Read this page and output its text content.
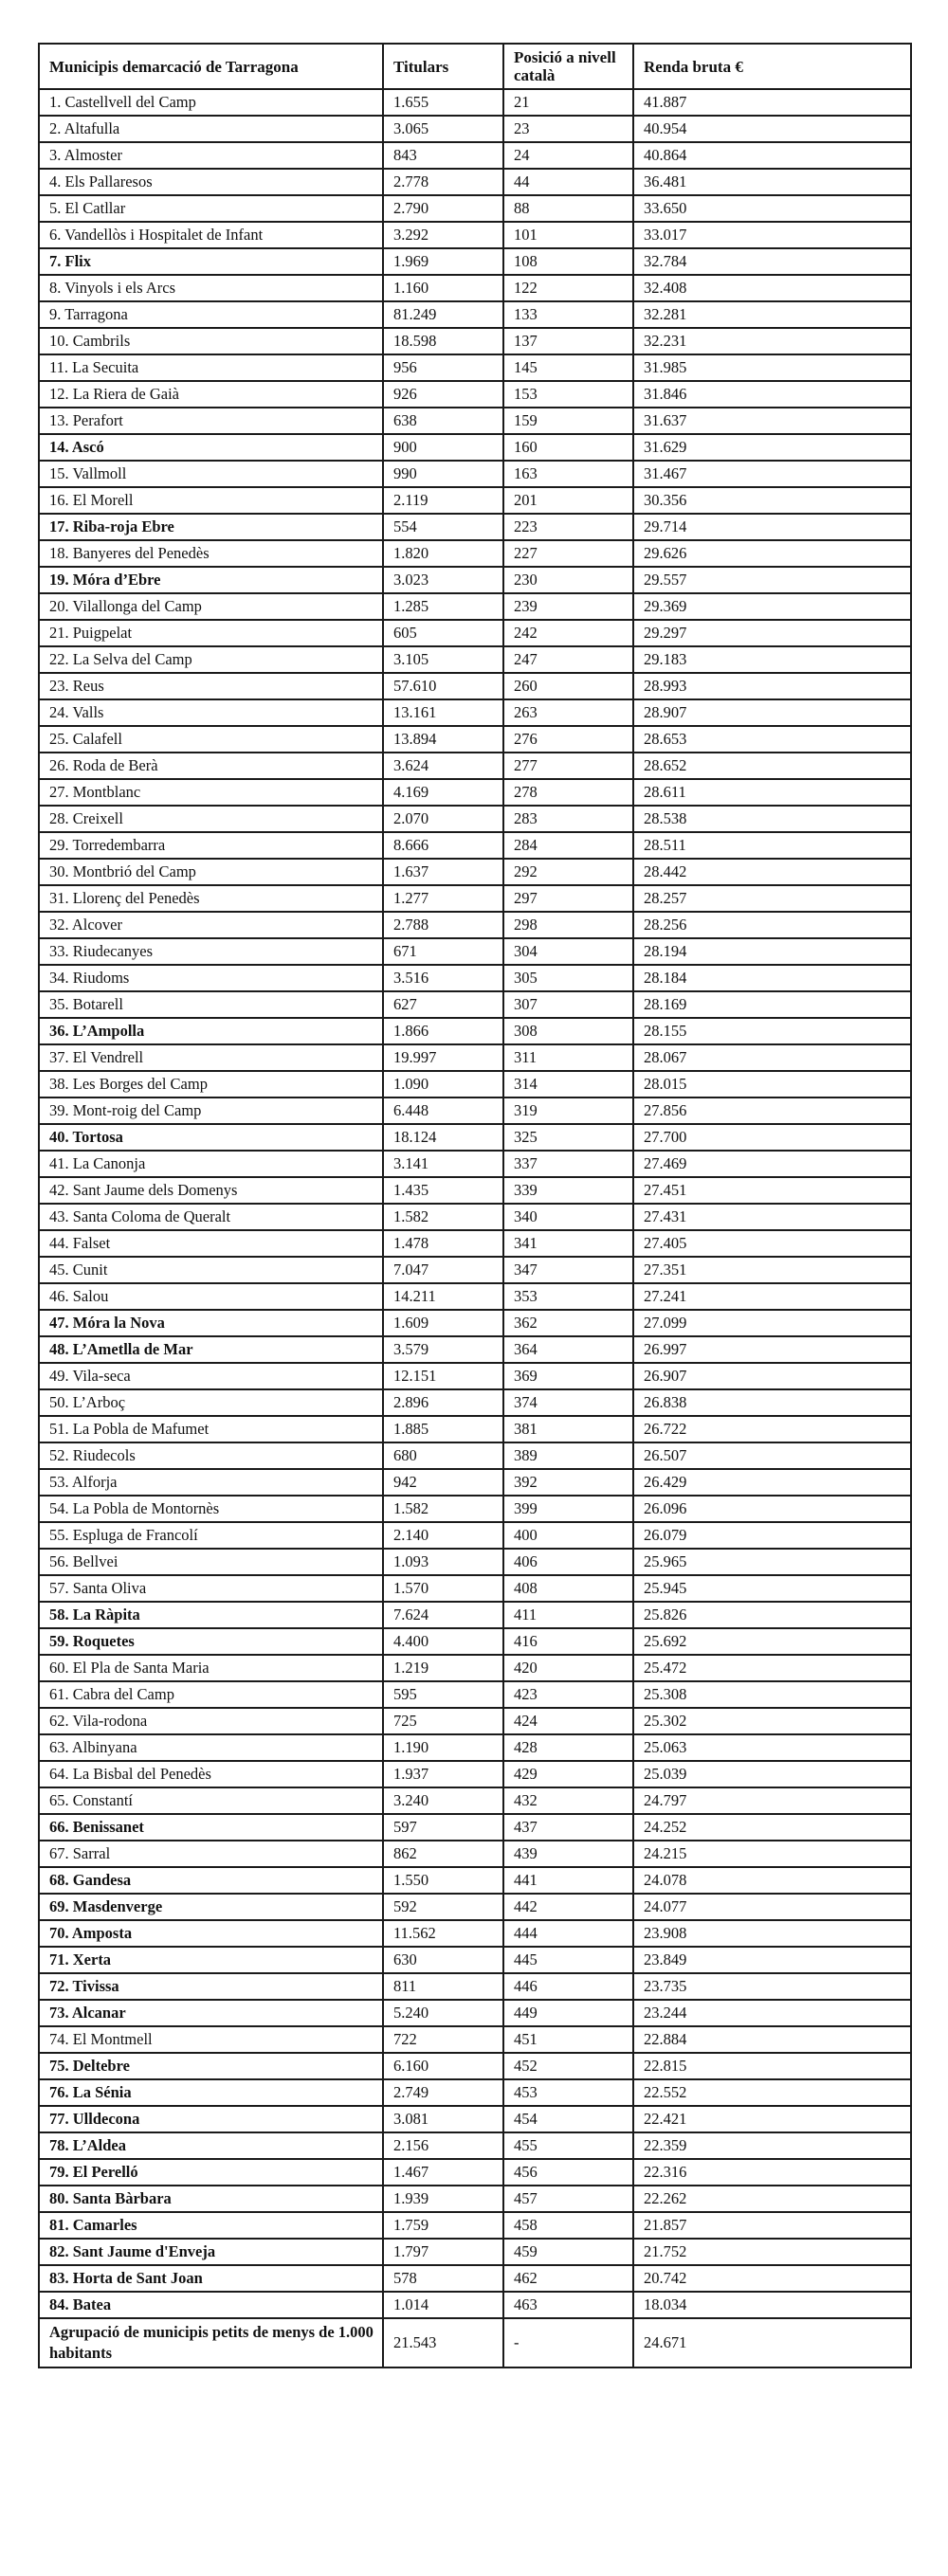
Municipis demarcació de Tarragona	Titulars	Posició a nivell català	Renda bruta €
1. Castellvell del Camp	1.655	21	41.887
2. Altafulla	3.065	23	40.954
3. Almoster	843	24	40.864
4. Els Pallaresos	2.778	44	36.481
5. El Catllar	2.790	88	33.650
6. Vandellòs i Hospitalet de Infant	3.292	101	33.017
7. Flix	1.969	108	32.784
8. Vinyols i els Arcs	1.160	122	32.408
9. Tarragona	81.249	133	32.281
10. Cambrils	18.598	137	32.231
11. La Secuita	956	145	31.985
12. La Riera de Gaià	926	153	31.846
13. Perafort	638	159	31.637
14. Ascó	900	160	31.629
15. Vallmoll	990	163	31.467
16. El Morell	2.119	201	30.356
17. Riba-roja Ebre	554	223	29.714
18. Banyeres del Penedès	1.820	227	29.626
19. Móra d’Ebre	3.023	230	29.557
20. Vilallonga del Camp	1.285	239	29.369
21. Puigpelat	605	242	29.297
22. La Selva del Camp	3.105	247	29.183
23. Reus	57.610	260	28.993
24. Valls	13.161	263	28.907
25. Calafell	13.894	276	28.653
26. Roda de Berà	3.624	277	28.652
27. Montblanc	4.169	278	28.611
28. Creixell	2.070	283	28.538
29. Torredembarra	8.666	284	28.511
30. Montbrió del Camp	1.637	292	28.442
31. Llorenç del Penedès	1.277	297	28.257
32. Alcover	2.788	298	28.256
33. Riudecanyes	671	304	28.194
34. Riudoms	3.516	305	28.184
35. Botarell	627	307	28.169
36. L’Ampolla	1.866	308	28.155
37. El Vendrell	19.997	311	28.067
38. Les Borges del Camp	1.090	314	28.015
39. Mont-roig del Camp	6.448	319	27.856
40. Tortosa	18.124	325	27.700
41. La Canonja	3.141	337	27.469
42. Sant Jaume dels Domenys	1.435	339	27.451
43. Santa Coloma de Queralt	1.582	340	27.431
44. Falset	1.478	341	27.405
45. Cunit	7.047	347	27.351
46. Salou	14.211	353	27.241
47. Móra la Nova	1.609	362	27.099
48. L’Ametlla de Mar	3.579	364	26.997
49. Vila-seca	12.151	369	26.907
50. L’Arboç	2.896	374	26.838
51. La Pobla de Mafumet	1.885	381	26.722
52. Riudecols	680	389	26.507
53. Alforja	942	392	26.429
54. La Pobla de Montornès	1.582	399	26.096
55. Espluga de Francolí	2.140	400	26.079
56. Bellvei	1.093	406	25.965
57. Santa Oliva	1.570	408	25.945
58. La Ràpita	7.624	411	25.826
59. Roquetes	4.400	416	25.692
60. El Pla de Santa Maria	1.219	420	25.472
61. Cabra del Camp	595	423	25.308
62. Vila-rodona	725	424	25.302
63. Albinyana	1.190	428	25.063
64. La Bisbal del Penedès	1.937	429	25.039
65. Constantí	3.240	432	24.797
66. Benissanet	597	437	24.252
67. Sarral	862	439	24.215
68. Gandesa	1.550	441	24.078
69. Masdenverge	592	442	24.077
70. Amposta	11.562	444	23.908
71. Xerta	630	445	23.849
72. Tivissa	811	446	23.735
73. Alcanar	5.240	449	23.244
74. El Montmell	722	451	22.884
75. Deltebre	6.160	452	22.815
76. La Sénia	2.749	453	22.552
77. Ulldecona	3.081	454	22.421
78. L’Aldea	2.156	455	22.359
79. El Perelló	1.467	456	22.316
80. Santa Bàrbara	1.939	457	22.262
81. Camarles	1.759	458	21.857
82. Sant Jaume d'Enveja	1.797	459	21.752
83. Horta de Sant Joan	578	462	20.742
84. Batea	1.014	463	18.034
Agrupació de municipis petits de menys de 1.000 habitants	21.543	-	24.671
